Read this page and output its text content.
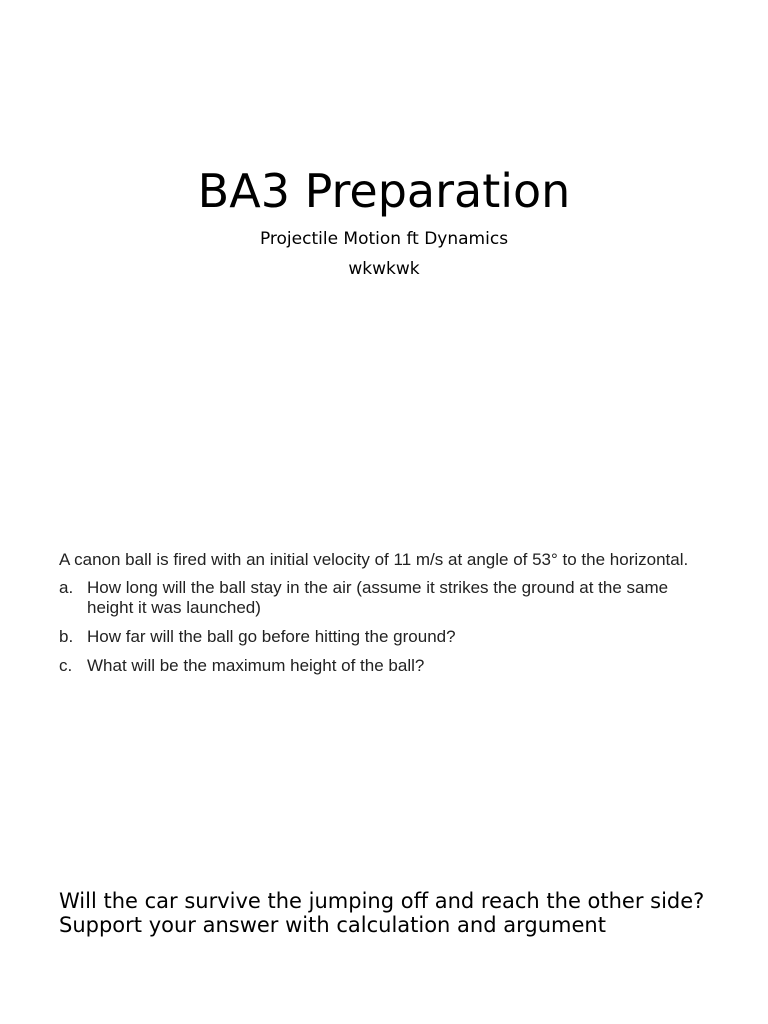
BA3 Preparation
Projectile Motion ft Dynamics
wkwkwk

A canon ball is fired with an initial velocity of 11 m/s at angle of 53° to the horizontal.

a. How long will the ball stay in the air (assume it strikes the ground at the same height it was launched)
b. How far will the ball go before hitting the ground?
c. What will be the maximum height of the ball?

Will the car survive the jumping off and reach the other side? Support your answer with calculation and argument
